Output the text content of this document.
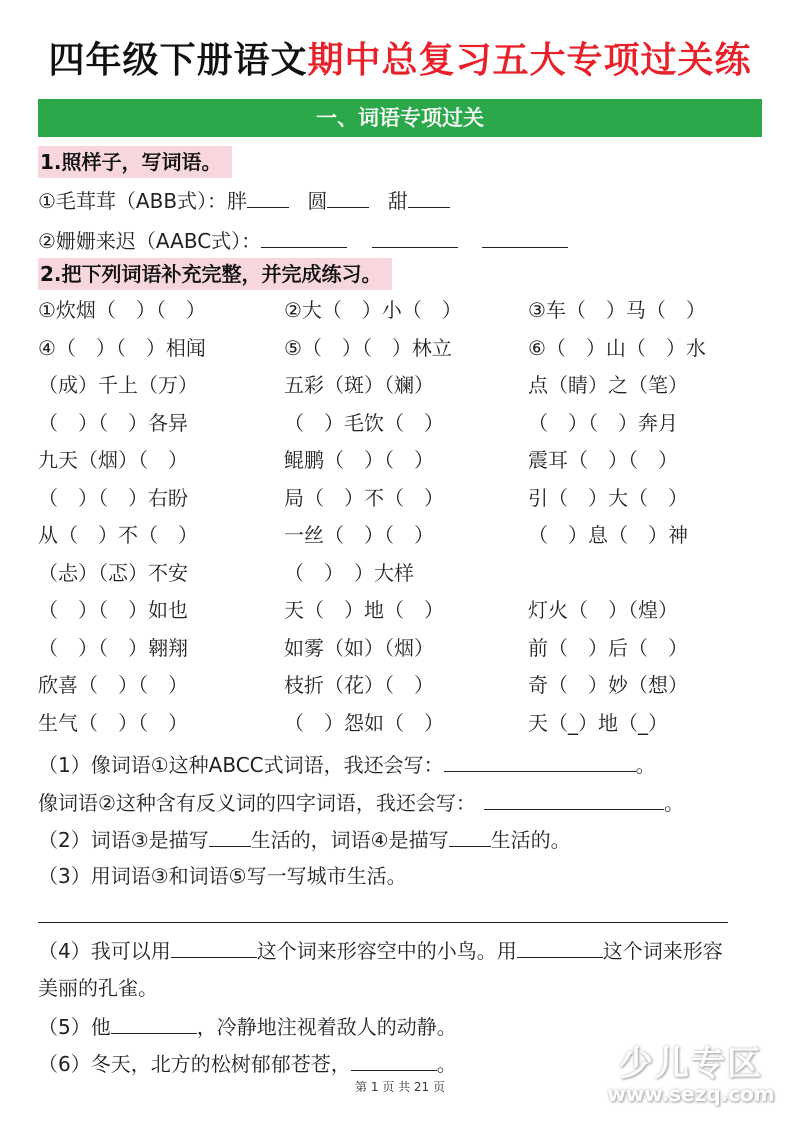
四年级下册语文期中总复习五大专项过关练
一、词语专项过关
1.照样子，写词语。
①毛茸茸（ABB式）：胖	圆	甜
②姗姗来迟（AABC式）：
2.把下列词语补充完整，并完成练习。
①炊烟（　）（　）	②大（　）小（　）	③车（　）马（　）
④（　）（　）相闻	⑤（　）（　）林立	⑥（　）山（　）水
（成）千上（万）	五彩（斑）（斓）	点（睛）之（笔）
（　）（　）各异	（　）毛饮（　）	（　）（　）奔月
九天（烟）（　）	鲲鹏（　）（　）	震耳（　）（　）
（　）（　）右盼	局（　）不（　）	引（　）大（　）
从（　）不（　）	一丝（　）（　）	（　）息（　）神
（忐）（忑）不安	（　）　）大样
（　）（　）如也	天（　）地（　）	灯火（　）（煌）
（　）（　）翱翔	如雾（如）（烟）	前（　）后（　）
欣喜（　）（　）	枝折（花）（　）	奇（　）妙（想）
生气（　）（　）	（　）怨如（　）	天（_）地（_）
（1）像词语①这种ABCC式词语，我还会写：	。
像词语②这种含有反义词的四字词语，我还会写：	。
（2）词语③是描写 生活的，词语④是描写 生活的。
（3）用词语③和词语⑤写一写城市生活。
（4）我可以用	这个词来形容空中的小鸟。用	这个词来形容
美丽的孔雀。
（5）他	，冷静地注视着敌人的动静。
（6）冬天，北方的松树郁郁苍苍，	。
第 1 页 共 21 页
少儿专区
www.sezq.com
